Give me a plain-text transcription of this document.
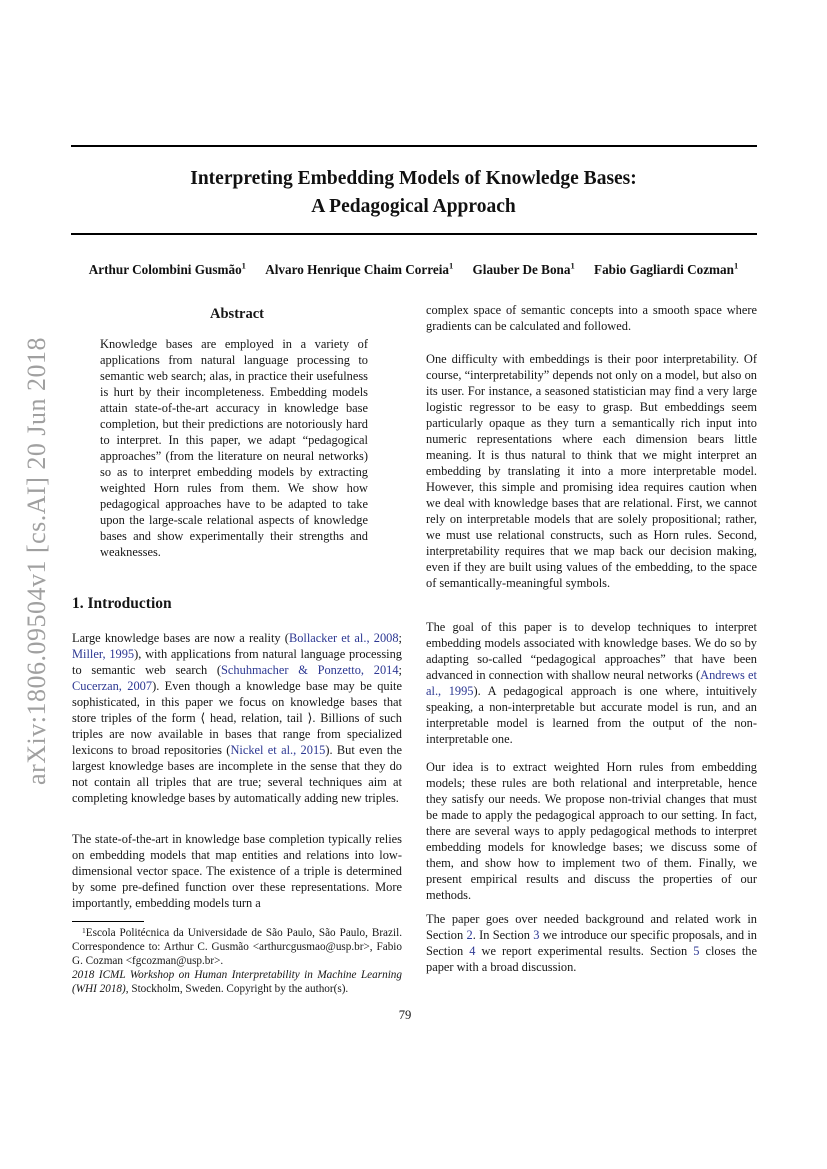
arXiv:1806.09504v1 [cs.AI] 20 Jun 2018
Interpreting Embedding Models of Knowledge Bases:
A Pedagogical Approach
Arthur Colombini Gusmão$^1$ Alvaro Henrique Chaim Correia$^1$ Glauber De Bona$^1$ Fabio Gagliardi Cozman$^1$
Abstract
Knowledge bases are employed in a variety of applications from natural language processing to semantic web search; alas, in practice their usefulness is hurt by their incompleteness. Embedding models attain state-of-the-art accuracy in knowledge base completion, but their predictions are notoriously hard to interpret. In this paper, we adapt “pedagogical approaches” (from the literature on neural networks) so as to interpret embedding models by extracting weighted Horn rules from them. We show how pedagogical approaches have to be adapted to take upon the large-scale relational aspects of knowledge bases and show experimentally their strengths and weaknesses.
1. Introduction

Large knowledge bases are now a reality (Bollacker et al., 2008; Miller, 1995), with applications from natural language processing to semantic web search (Schuhmacher & Ponzetto, 2014; Cucerzan, 2007). Even though a knowledge base may be quite sophisticated, in this paper we focus on knowledge bases that store triples of the form ⟨ head, relation, tail ⟩. Billions of such triples are now available in bases that range from specialized lexicons to broad repositories (Nickel et al., 2015). But even the largest knowledge bases are incomplete in the sense that they do not contain all triples that are true; several techniques aim at completing knowledge bases by automatically adding new triples.

The state-of-the-art in knowledge base completion typically relies on embedding models that map entities and relations into low-dimensional vector space. The existence of a triple is determined by some pre-defined function over these representations. More importantly, embedding models turn a

$^1$Escola Politécnica da Universidade de São Paulo, São Paulo, Brazil. Correspondence to: Arthur C. Gusmão <arthurcgusmao@usp.br>, Fabio G. Cozman <fgcozman@usp.br>.
2018 ICML Workshop on Human Interpretability in Machine Learning (WHI 2018), Stockholm, Sweden. Copyright by the author(s).

complex space of semantic concepts into a smooth space where gradients can be calculated and followed.

One difficulty with embeddings is their poor interpretability. Of course, “interpretability” depends not only on a model, but also on its user. For instance, a seasoned statistician may find a very large logistic regressor to be easy to grasp. But embeddings seem particularly opaque as they turn a semantically rich input into numeric representations where each dimension bears little meaning. It is thus natural to think that we might interpret an embedding by translating it into a more interpretable model. However, this simple and promising idea requires caution when we deal with knowledge bases that are relational. First, we cannot rely on interpretable models that are solely propositional; rather, we must use relational constructs, such as Horn rules. Second, interpretability requires that we map back our decision making, even if they are built using values of the embedding, to the space of semantically-meaningful symbols.

The goal of this paper is to develop techniques to interpret embedding models associated with knowledge bases. We do so by adapting so-called “pedagogical approaches” that have been advanced in connection with shallow neural networks (Andrews et al., 1995). A pedagogical approach is one where, intuitively speaking, a non-interpretable but accurate model is run, and an interpretable model is learned from the output of the non-interpretable one.

Our idea is to extract weighted Horn rules from embedding models; these rules are both relational and interpretable, hence they satisfy our needs. We propose non-trivial changes that must be made to apply the pedagogical approach to our setting. In fact, there are several ways to apply pedagogical methods to interpret embedding models for knowledge bases; we discuss some of them, and show how to implement two of them. Finally, we present empirical results and discuss the properties of our methods.

The paper goes over needed background and related work in Section 2. In Section 3 we introduce our specific proposals, and in Section 4 we report experimental results. Section 5 closes the paper with a broad discussion.

79
